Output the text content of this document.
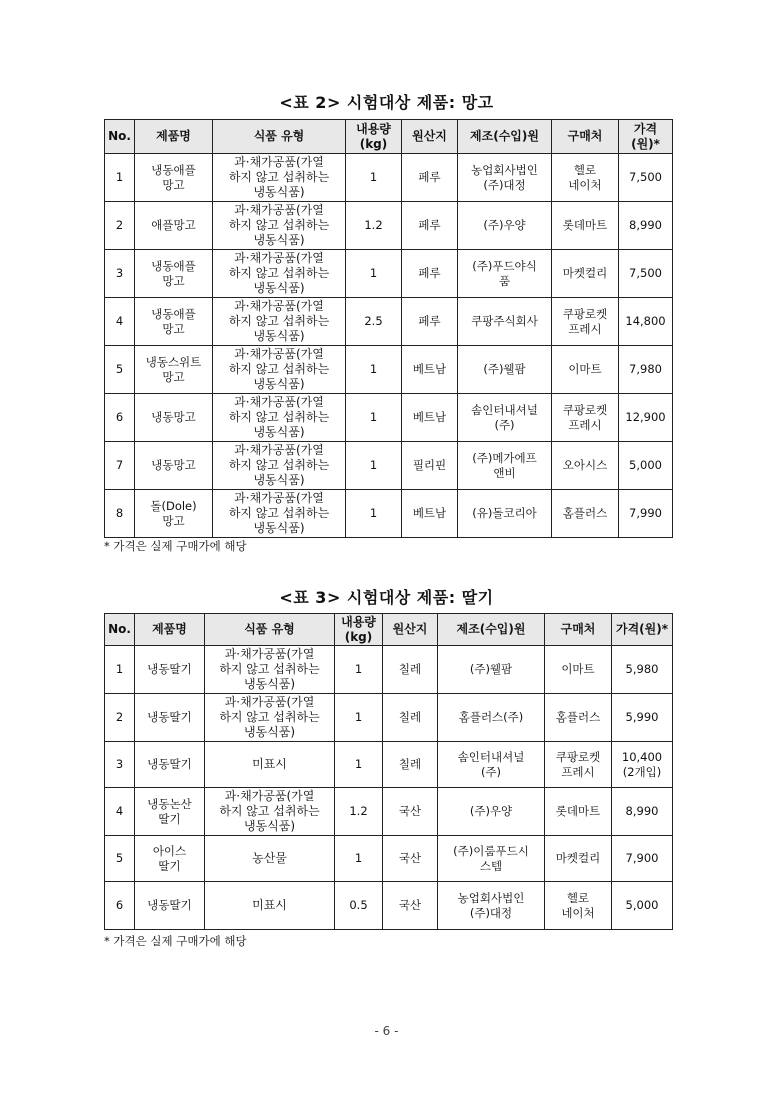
<표 2> 시험대상 제품: 망고
No.	제품명	식품 유형	내용량
(kg)	원산지	제조(수입)원	구매처	가격
(원)*
1	냉동애플
망고	과·채가공품(가열
하지 않고 섭취하는
냉동식품)	1	페루	농업회사법인
(주)대정	헬로
네이처	7,500
2	애플망고	과·채가공품(가열
하지 않고 섭취하는
냉동식품)	1.2	페루	(주)우양	롯데마트	8,990
3	냉동애플
망고	과·채가공품(가열
하지 않고 섭취하는
냉동식품)	1	페루	(주)푸드야식
품	마켓컬리	7,500
4	냉동애플
망고	과·채가공품(가열
하지 않고 섭취하는
냉동식품)	2.5	페루	쿠팡주식회사	쿠팡로켓
프레시	14,800
5	냉동스위트
망고	과·채가공품(가열
하지 않고 섭취하는
냉동식품)	1	베트남	(주)웰팜	이마트	7,980
6	냉동망고	과·채가공품(가열
하지 않고 섭취하는
냉동식품)	1	베트남	솜인터내셔널
(주)	쿠팡로켓
프레시	12,900
7	냉동망고	과·채가공품(가열
하지 않고 섭취하는
냉동식품)	1	필리핀	(주)메가에프
앤비	오아시스	5,000
8	돌(Dole)
망고	과·채가공품(가열
하지 않고 섭취하는
냉동식품)	1	베트남	(유)돌코리아	홈플러스	7,990
* 가격은 실제 구매가에 해당
<표 3> 시험대상 제품: 딸기
No.	제품명	식품 유형	내용량
(kg)	원산지	제조(수입)원	구매처	가격(원)*
1	냉동딸기	과·채가공품(가열
하지 않고 섭취하는
냉동식품)	1	칠레	(주)웰팜	이마트	5,980
2	냉동딸기	과·채가공품(가열
하지 않고 섭취하는
냉동식품)	1	칠레	홈플러스(주)	홈플러스	5,990
3	냉동딸기	미표시	1	칠레	솜인터내셔널
(주)	쿠팡로켓
프레시	10,400
(2개입)
4	냉동논산
딸기	과·채가공품(가열
하지 않고 섭취하는
냉동식품)	1.2	국산	(주)우양	롯데마트	8,990
5	아이스
딸기	농산물	1	국산	(주)이룸푸드시
스템	마켓컬리	7,900
6	냉동딸기	미표시	0.5	국산	농업회사법인
(주)대정	헬로
네이처	5,000
* 가격은 실제 구매가에 해당
- 6 -
